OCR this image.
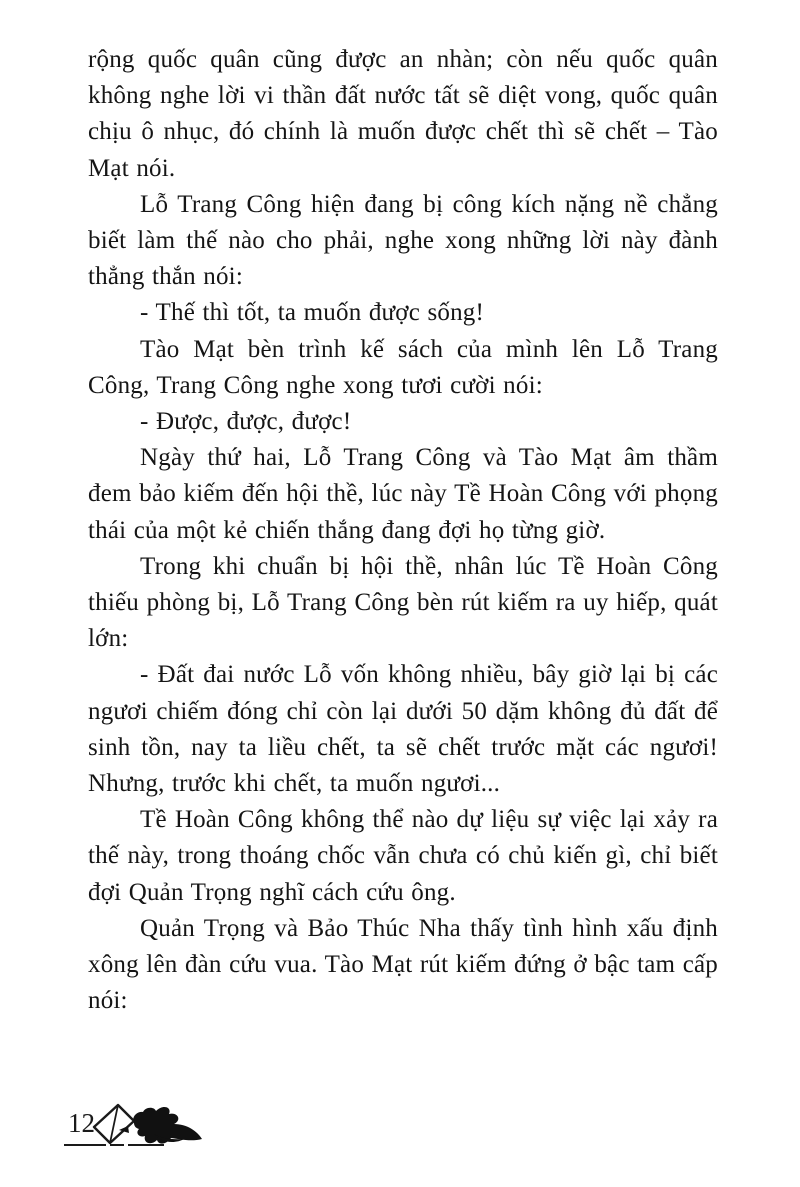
rộng quốc quân cũng được an nhàn; còn nếu quốc quân không nghe lời vi thần đất nước tất sẽ diệt vong, quốc quân chịu ô nhục, đó chính là muốn được chết thì sẽ chết – Tào Mạt nói.

Lỗ Trang Công hiện đang bị công kích nặng nề chẳng biết làm thế nào cho phải, nghe xong những lời này đành thẳng thắn nói:

- Thế thì tốt, ta muốn được sống!

Tào Mạt bèn trình kế sách của mình lên Lỗ Trang Công, Trang Công nghe xong tươi cười nói:

- Được, được, được!

Ngày thứ hai, Lỗ Trang Công và Tào Mạt âm thầm đem bảo kiếm đến hội thề, lúc này Tề Hoàn Công với phọng thái của một kẻ chiến thắng đang đợi họ từng giờ.

Trong khi chuẩn bị hội thề, nhân lúc Tề Hoàn Công thiếu phòng bị, Lỗ Trang Công bèn rút kiếm ra uy hiếp, quát lớn:

- Đất đai nước Lỗ vốn không nhiều, bây giờ lại bị các ngươi chiếm đóng chỉ còn lại dưới 50 dặm không đủ đất để sinh tồn, nay ta liều chết, ta sẽ chết trước mặt các ngươi! Nhưng, trước khi chết, ta muốn ngươi...

Tề Hoàn Công không thể nào dự liệu sự việc lại xảy ra thế này, trong thoáng chốc vẫn chưa có chủ kiến gì, chỉ biết đợi Quản Trọng nghĩ cách cứu ông.

Quản Trọng và Bảo Thúc Nha thấy tình hình xấu định xông lên đàn cứu vua. Tào Mạt rút kiếm đứng ở bậc tam cấp nói:

12
